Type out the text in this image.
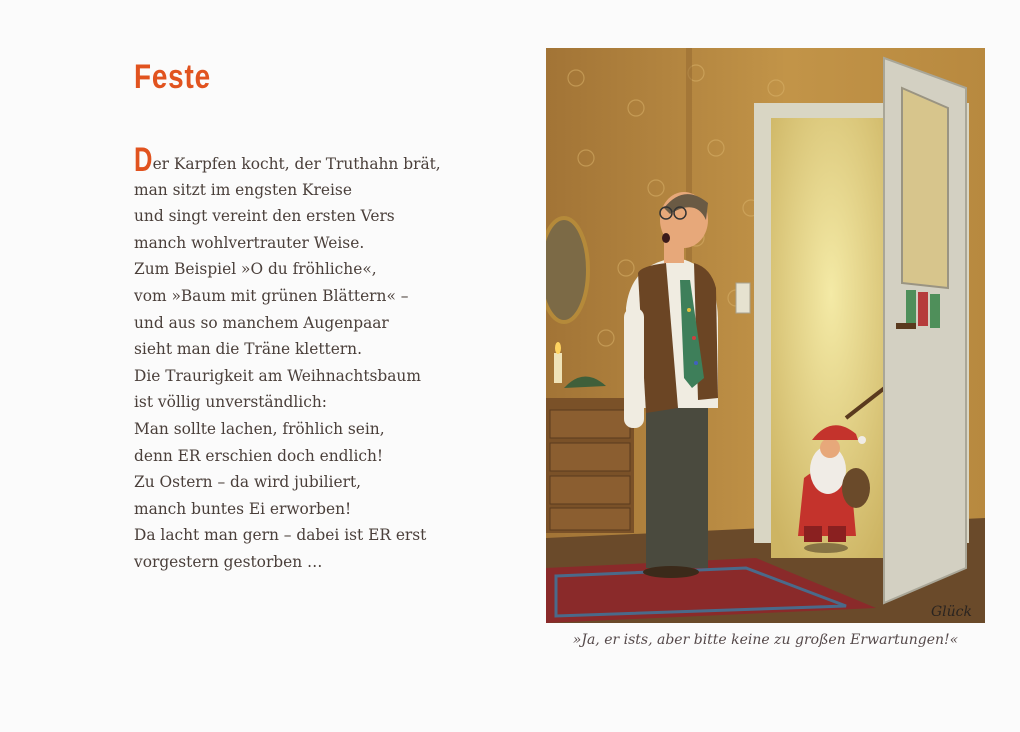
Feste
Der Karpfen kocht, der Truthahn brät,
man sitzt im engsten Kreise
und singt vereint den ersten Vers
manch wohlvertrauter Weise.
Zum Beispiel »O du fröhliche«,
vom »Baum mit grünen Blättern« –
und aus so manchem Augenpaar
sieht man die Träne klettern.
Die Traurigkeit am Weihnachtsbaum
ist völlig unverständlich:
Man sollte lachen, fröhlich sein,
denn ER erschien doch endlich!
Zu Ostern – da wird jubiliert,
manch buntes Ei erworben!
Da lacht man gern – dabei ist ER erst
vorgestern gestorben …
Glück
»Ja, er ists, aber bitte keine zu großen Erwartungen!«
